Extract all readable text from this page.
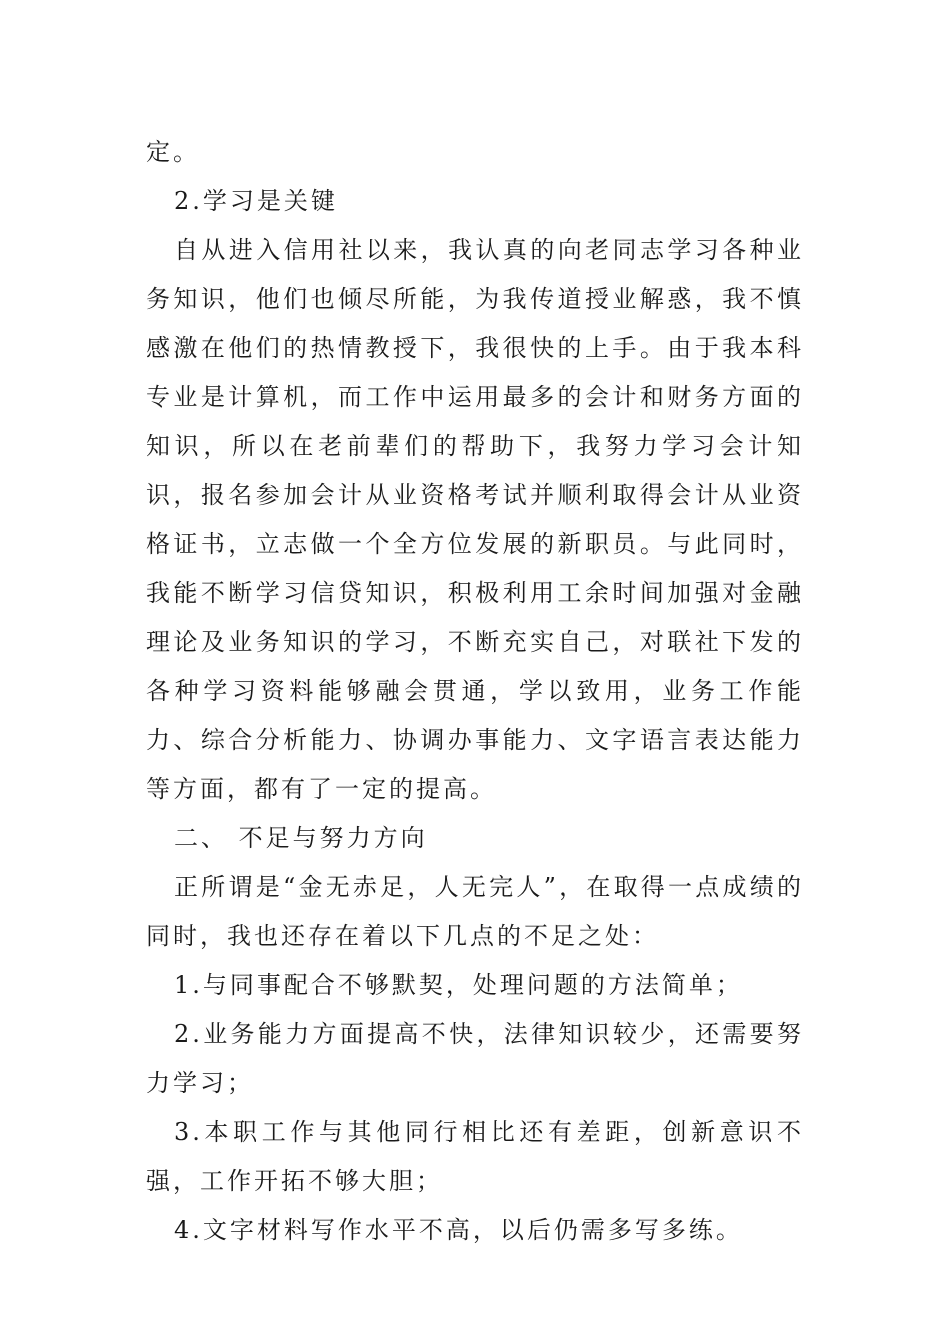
定。

2.学习是关键

自从进入信用社以来，我认真的向老同志学习各种业务知识，他们也倾尽所能，为我传道授业解惑，我不慎感激在他们的热情教授下，我很快的上手。由于我本科专业是计算机，而工作中运用最多的会计和财务方面的知识，所以在老前辈们的帮助下，我努力学习会计知识，报名参加会计从业资格考试并顺利取得会计从业资格证书，立志做一个全方位发展的新职员。与此同时，我能不断学习信贷知识，积极利用工余时间加强对金融理论及业务知识的学习，不断充实自己，对联社下发的各种学习资料能够融会贯通，学以致用，业务工作能力、综合分析能力、协调办事能力、文字语言表达能力等方面，都有了一定的提高。

二、 不足与努力方向

正所谓是“金无赤足，人无完人”，在取得一点成绩的同时，我也还存在着以下几点的不足之处：

1.与同事配合不够默契，处理问题的方法简单；

2.业务能力方面提高不快，法律知识较少，还需要努力学习；

3.本职工作与其他同行相比还有差距，创新意识不强，工作开拓不够大胆；

4.文字材料写作水平不高，以后仍需多写多练。
